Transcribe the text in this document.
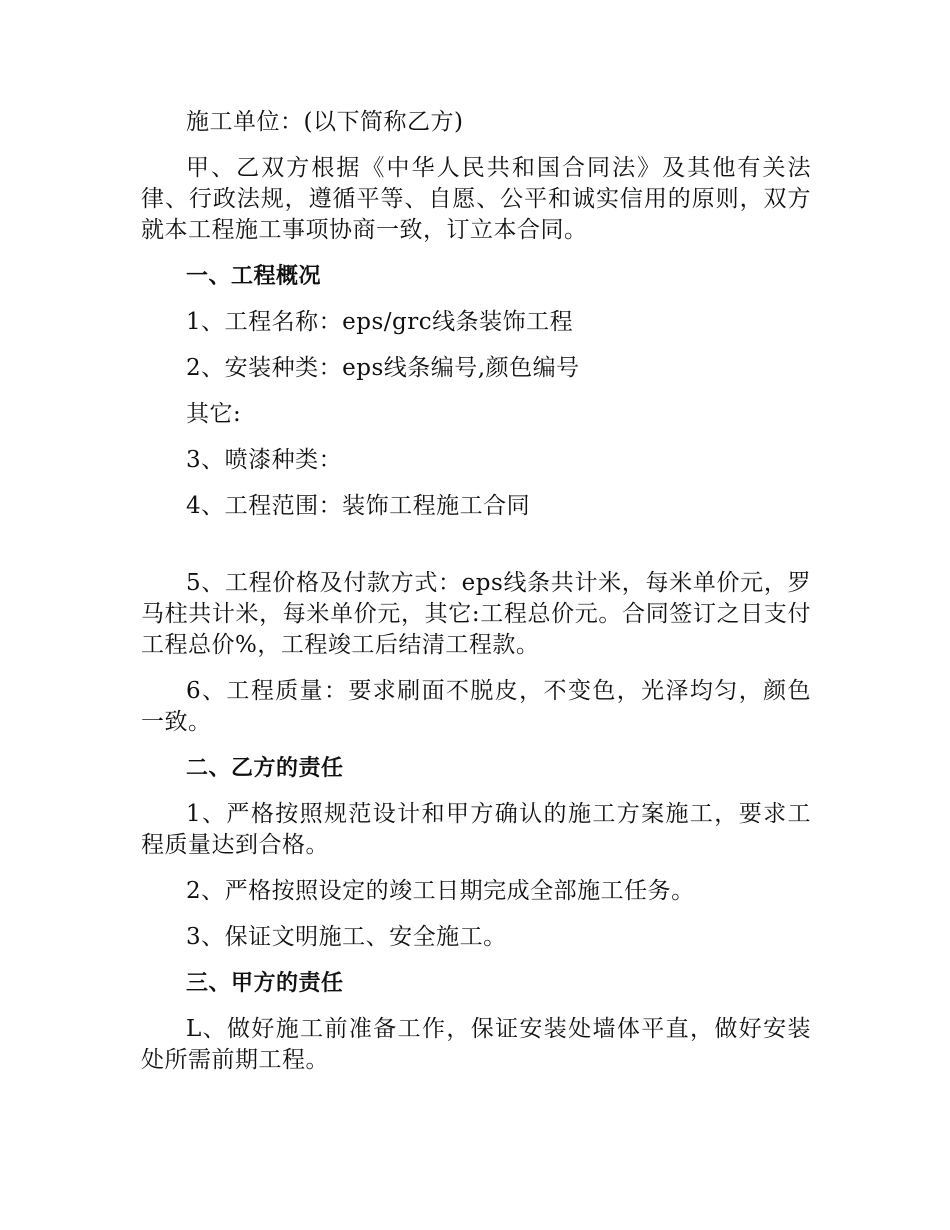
施工单位：(以下简称乙方)

甲、乙双方根据《中华人民共和国合同法》及其他有关法律、行政法规，遵循平等、自愿、公平和诚实信用的原则，双方就本工程施工事项协商一致，订立本合同。

一、工程概况

1、工程名称：eps/grc线条装饰工程

2、安装种类：eps线条编号,颜色编号

其它:

3、喷漆种类：

4、工程范围：装饰工程施工合同

5、工程价格及付款方式：eps线条共计米，每米单价元，罗马柱共计米，每米单价元，其它:工程总价元。合同签订之日支付工程总价%，工程竣工后结清工程款。

6、工程质量：要求刷面不脱皮，不变色，光泽均匀，颜色一致。

二、乙方的责任

1、严格按照规范设计和甲方确认的施工方案施工，要求工程质量达到合格。

2、严格按照设定的竣工日期完成全部施工任务。

3、保证文明施工、安全施工。

三、甲方的责任

L、做好施工前准备工作，保证安装处墙体平直，做好安装处所需前期工程。
